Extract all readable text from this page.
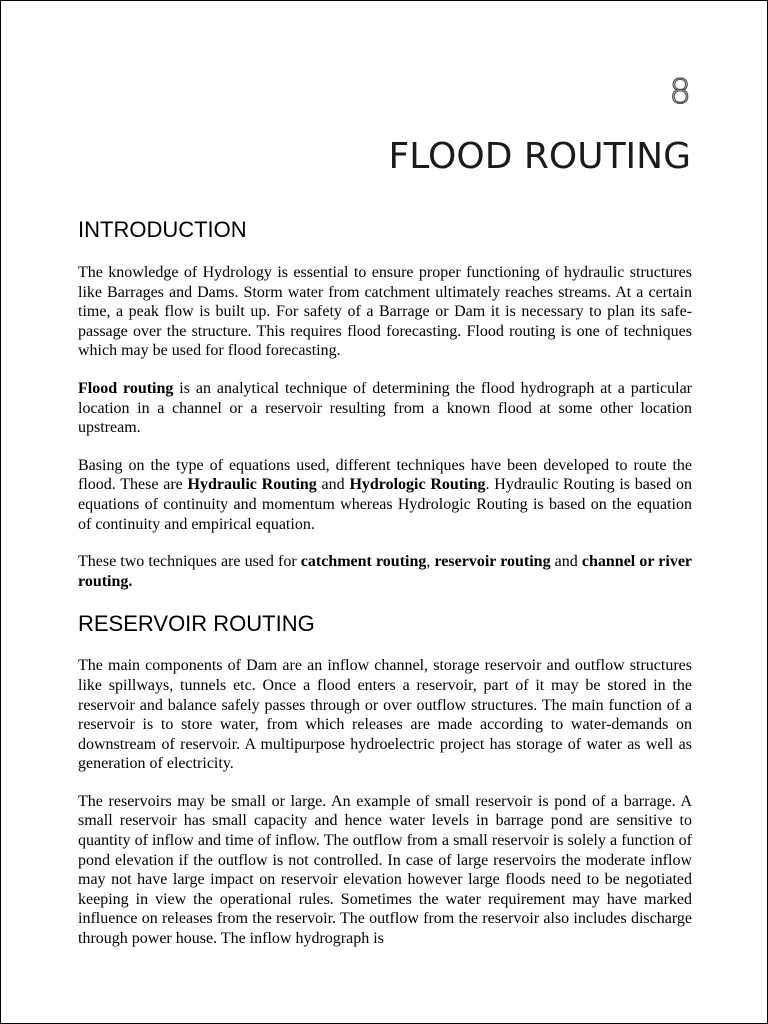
8
FLOOD ROUTING
INTRODUCTION

The knowledge of Hydrology is essential to ensure proper functioning of hydraulic structures like Barrages and Dams. Storm water from catchment ultimately reaches streams. At a certain time, a peak flow is built up. For safety of a Barrage or Dam it is necessary to plan its safe-passage over the structure. This requires flood forecasting. Flood routing is one of techniques which may be used for flood forecasting.

Flood routing is an analytical technique of determining the flood hydrograph at a particular location in a channel or a reservoir resulting from a known flood at some other location upstream.

Basing on the type of equations used, different techniques have been developed to route the flood. These are Hydraulic Routing and Hydrologic Routing. Hydraulic Routing is based on equations of continuity and momentum whereas Hydrologic Routing is based on the equation of continuity and empirical equation.

These two techniques are used for catchment routing, reservoir routing and channel or river routing.

RESERVOIR ROUTING

The main components of Dam are an inflow channel, storage reservoir and outflow structures like spillways, tunnels etc. Once a flood enters a reservoir, part of it may be stored in the reservoir and balance safely passes through or over outflow structures. The main function of a reservoir is to store water, from which releases are made according to water-demands on downstream of reservoir. A multipurpose hydroelectric project has storage of water as well as generation of electricity.

The reservoirs may be small or large. An example of small reservoir is pond of a barrage. A small reservoir has small capacity and hence water levels in barrage pond are sensitive to quantity of inflow and time of inflow. The outflow from a small reservoir is solely a function of pond elevation if the outflow is not controlled. In case of large reservoirs the moderate inflow may not have large impact on reservoir elevation however large floods need to be negotiated keeping in view the operational rules. Sometimes the water requirement may have marked influence on releases from the reservoir. The outflow from the reservoir also includes discharge through power house. The inflow hydrograph is
